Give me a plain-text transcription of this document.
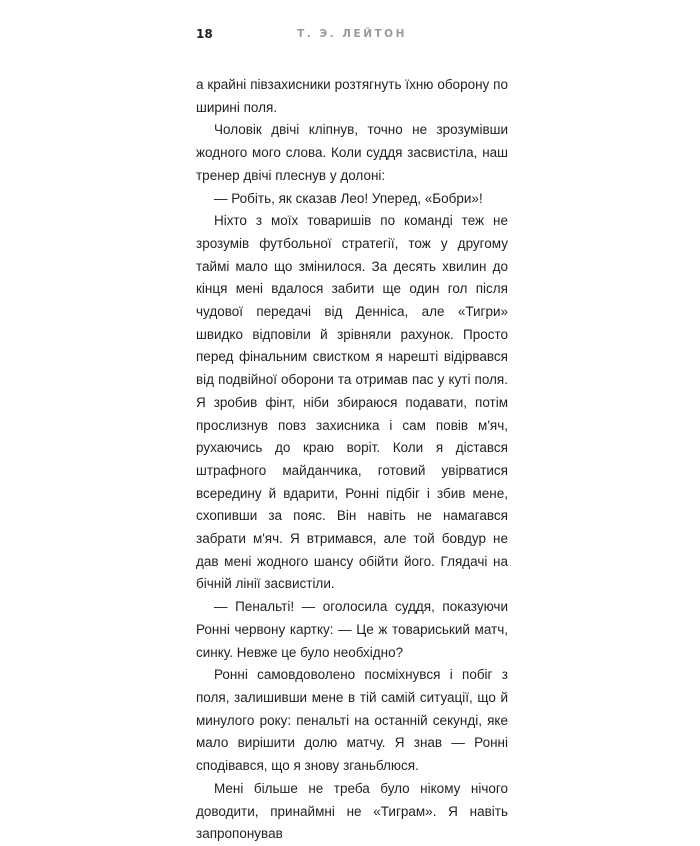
18	Т. Э. ЛЕЙТОН

а крайні півзахисники розтягнуть їхню оборону по ширині поля.

Чоловік двічі кліпнув, точно не зрозумівши жодного мого слова. Коли суддя засвистіла, наш тренер двічі плеснув у долоні:

— Робіть, як сказав Лео! Уперед, «Бобри»!

Ніхто з моїх товаришів по команді теж не зрозумів футбольної стратегії, тож у другому таймі мало що змінилося. За десять хвилин до кінця мені вдалося забити ще один гол після чудової передачі від Денніса, але «Тигри» швидко відповіли й зрівняли рахунок. Просто перед фінальним свистком я нарешті відірвався від подвійної оборони та отримав пас у куті поля. Я зробив фінт, ніби збираюся подавати, потім прослизнув повз захисника і сам повів м'яч, рухаючись до краю воріт. Коли я дістався штрафного майданчика, готовий увірватися всередину й вдарити, Ронні підбіг і збив мене, схопивши за пояс. Він навіть не намагався забрати м'яч. Я втримався, але той бовдур не дав мені жодного шансу обійти його. Глядачі на бічній лінії засвистіли.

— Пенальті! — оголосила суддя, показуючи Ронні червону картку: — Це ж товариський матч, синку. Невже це було необхідно?

Ронні самовдоволено посміхнувся і побіг з поля, залишивши мене в тій самій ситуації, що й минулого року: пенальті на останній секунді, яке мало вирішити долю матчу. Я знав — Ронні сподівався, що я знову зганьблюся.

Мені більше не треба було нікому нічого доводити, принаймні не «Тиграм». Я навіть запропонував
